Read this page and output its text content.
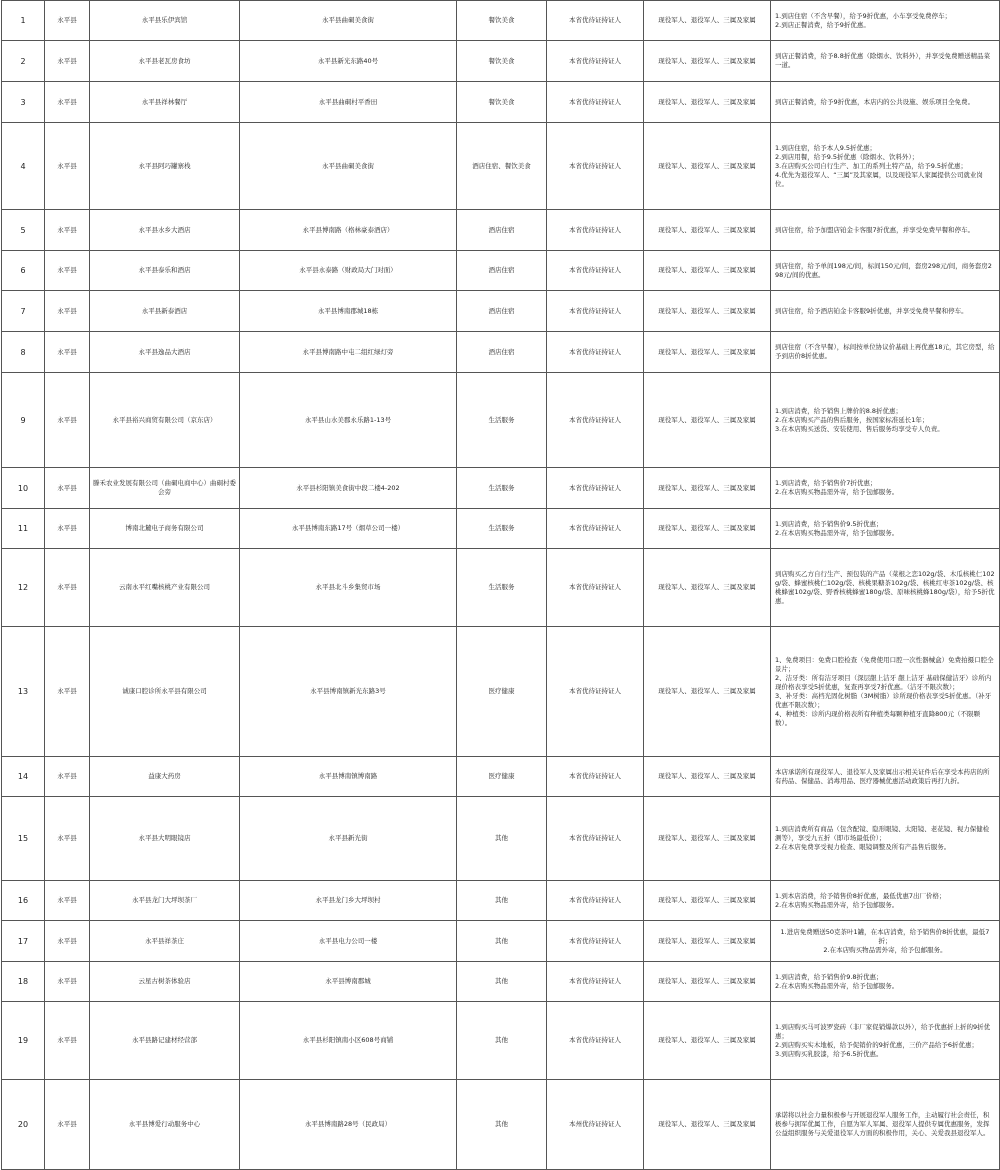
1	永平县	永平县乐伊宾馆	永平县曲硐美食街	餐饮美食	本省优待证持证人	现役军人、退役军人、三属及家属	1.到店住宿（不含早餐），给予9折优惠，小车享受免费停车；
2.到店正餐消费，给予9折优惠。

2	永平县	永平县老瓦房食坊	永平县新光东路40号	餐饮美食	本省优待证持证人	现役军人、退役军人、三属及家属	到店正餐消费，给予8.8折优惠（除烟水、饮料外），并享受免费赠送精品菜一道。

3	永平县	永平县祥林餐厅	永平县曲硐村平香田	餐饮美食	本省优待证持证人	现役军人、退役军人、三属及家属	到店正餐消费，给予9折优惠，本店内的公共设施、娱乐项目全免费。

4	永平县	永平县阿巧罐寨栈	永平县曲硐美食街	酒店住宿、餐饮美食	本省优待证持证人	现役军人、退役军人、三属及家属	1.到店住宿，给予本人9.5折优惠；
2.到店用餐，给予9.5折优惠（除烟水、饮料外）；
3.在店购买公司自行生产、加工的系列土特产品，给予9.5折优惠；
4.优先为退役军人、“三属”及其家属，以及现役军人家属提供公司就业岗位。

5	永平县	永平县水乡大酒店	永平县博南路（格林豪泰酒店）	酒店住宿	本省优待证持证人	现役军人、退役军人、三属及家属	到店住宿，给予加盟店铂金卡客服7折优惠，并享受免费早餐和停车。

6	永平县	永平县泰乐和酒店	永平县永泰路（财政局大门对面）	酒店住宿	本省优待证持证人	现役军人、退役军人、三属及家属	到店住宿，给予单间198元/间，标间150元/间，套房298元/间，商务套房298元/间的优惠。

7	永平县	永平县新泰酒店	永平县博南郡城18栋	酒店住宿	本省优待证持证人	现役军人、退役军人、三属及家属	到店住宿，给予酒店铂金卡客服9折优惠，并享受免费早餐和停车。

8	永平县	永平县逸品大酒店	永平县博南路中屯二组红绿灯旁	酒店住宿	本省优待证持证人	现役军人、退役军人、三属及家属	到店住宿（不含早餐），标间按单位协议价基础上再优惠18元，其它房型，给予到店价8折优惠。

9	永平县	永平县裕兴商贸有限公司（京东店）	永平县山水美郡永乐路1-13号	生活服务	本省优待证持证人	现役军人、退役军人、三属及家属	1.到店消费，给予销售上牌价的8.8折优惠；
2.在本店购买产品的售后服务，按国家标准延长1年；
3.在本店购买送货、安装使用、售后服务均享受专人负责。

10	永平县	滕禾农业发展有限公司（曲硐电商中心）曲硐村委会旁	永平县杉阳镇美食街中段二楼4-202	生活服务	本省优待证持证人	现役军人、退役军人、三属及家属	1.到店消费，给予销售价7折优惠；
2.在本店购买物品需外寄，给予包邮服务。

11	永平县	博南北麓电子商务有限公司	永平县博南东路17号（烟草公司一楼）	生活服务	本省优待证持证人	现役军人、退役军人、三属及家属	1.到店消费，给予销售价9.5折优惠；
2.在本店购买物品需外寄，给予包邮服务。

12	永平县	云南永平红嘴核桃产业有限公司	永平县北斗乡集贸市场	生活服务	本省优待证持证人	现役军人、退役军人、三属及家属	到店购买乙方自行生产、预包装的产品（菜根之恋102g/袋、木瓜核桃仁102g/袋、蜂蜜核桃仁102g/袋、核桃果糖茶102g/袋、核桃红枣茶102g/袋、核桃蜂蜜102g/袋、野香核桃蜂蜜180g/袋、原味核桃蜂180g/袋），给予5折优惠。

13	永平县	诚康口腔诊所永平县有限公司	永平县博南镇新光东路3号	医疗健康	本省优待证持证人	现役军人、退役军人、三属及家属	1、免费项目：免费口腔检查（免费使用口腔一次性器械盒）免费拍摄口腔全景片；
2、洁牙类：所有洁牙项目（深层龈上洁牙 龈上洁牙 基础保健洁牙）诊所内现价格表享受5折优惠，复查再享受7折优惠。（洁牙不限次数）；
3、补牙类：高档光固化树脂（3M树脂）诊所现价格表享受5折优惠。（补牙优惠不限次数）；
4、种植类：诊所内现价格表所有种植类每颗种植牙直降800元（不限颗数）。

14	永平县	益康大药房	永平县博南镇博南路	医疗健康	本省优待证持证人	现役军人、退役军人、三属及家属	本店承诺所有现役军人、退役军人及家属出示相关证件后在享受本药店的所有药品、保健品、消毒用品、医疗器械优惠活动政策后再打九折。

15	永平县	永平县大明眼镜店	永平县新光街	其他	本省优待证持证人	现役军人、退役军人、三属及家属	1.到店消费所有商品（包含配镜、隐形眼镜、太阳镜、老花镜、视力保健检测等），享受九五折（即市场最低价）；
2.在本店免费享受视力检查、眼镜调整及所有产品售后服务。

16	永平县	永平县龙门大坪坝茶厂	永平县龙门乡大坪坝村	其他	本省优待证持证人	现役军人、退役军人、三属及家属	1.到本店消费，给予销售价8折优惠，最低优惠7出厂价格；
2.在本店购买物品需外寄，给予包邮服务。

17	永平县	永平县祥茶庄	永平县电力公司一楼	其他	本省优待证持证人	现役军人、退役军人、三属及家属	1.进店免费赠送50克茶叶1罐，在本店消费，给予销售价8折优惠，最低7折；
2.在本店购买物品需外寄，给予包邮服务。

18	永平县	云星古树茶体验店	永平县博南郡城	其他	本省优待证持证人	现役军人、退役军人、三属及家属	1.到店消费，给予销售价9.8折优惠；
2.在本店购买物品需外寄，给予包邮服务。

19	永平县	永平县路记建材经营部	永平县杉阳镇南小区608号商铺	其他	本省优待证持证人	现役军人、退役军人、三属及家属	1.到店购买马可波罗瓷砖（非厂家促销爆款以外），给予优惠折上折的9折优惠；
2.到店购买实木地板，给予促销价的9折优惠，三价产品给予6折优惠；
3.到店购买乳胶漆，给予6.5折优惠。

20	永平县	永平县博爱行动服务中心	永平县博南路28号（民政局）	其他	本州优待证持证人	现役军人、退役军人、三属及家属	承诺将以社会力量积极参与开展退役军人服务工作，主动履行社会责任，积极参与拥军优属工作，自愿为军人军属、退役军人提供专属优惠服务，发挥公益组织服务与关爱退役军人方面的积极作用，关心、关爱我县退役军人。
